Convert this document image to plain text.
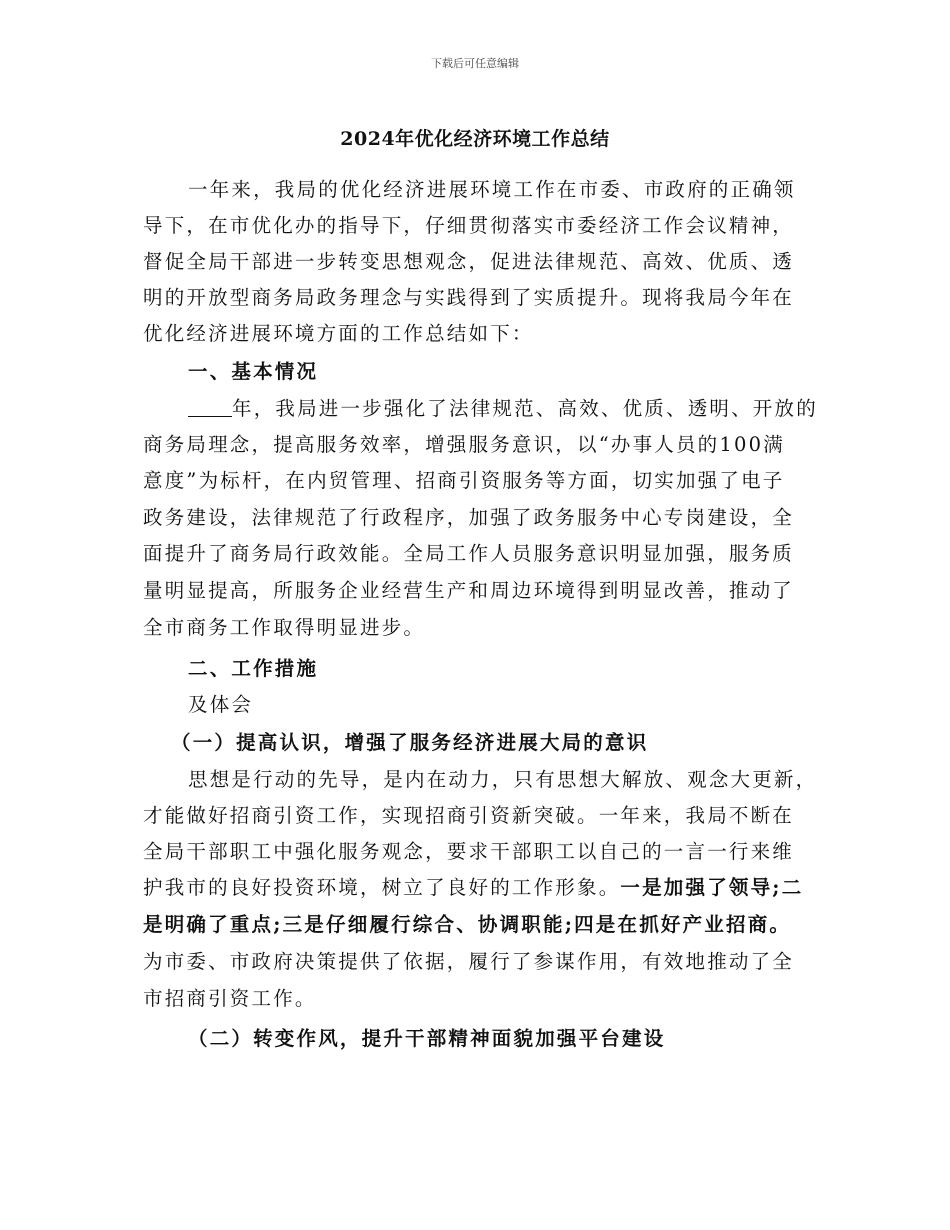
下载后可任意编辑
2024年优化经济环境工作总结
一年来，我局的优化经济进展环境工作在市委、市政府的正确领
导下，在市优化办的指导下，仔细贯彻落实市委经济工作会议精神，
督促全局干部进一步转变思想观念，促进法律规范、高效、优质、透
明的开放型商务局政务理念与实践得到了实质提升。现将我局今年在
优化经济进展环境方面的工作总结如下：
一、基本情况
年，我局进一步强化了法律规范、高效、优质、透明、开放的
商务局理念，提高服务效率，增强服务意识，以“办事人员的100满
意度”为标杆，在内贸管理、招商引资服务等方面，切实加强了电子
政务建设，法律规范了行政程序，加强了政务服务中心专岗建设，全
面提升了商务局行政效能。全局工作人员服务意识明显加强，服务质
量明显提高，所服务企业经营生产和周边环境得到明显改善，推动了
全市商务工作取得明显进步。
二、工作措施
及体会
（一）提高认识，增强了服务经济进展大局的意识
思想是行动的先导，是内在动力，只有思想大解放、观念大更新，
才能做好招商引资工作，实现招商引资新突破。一年来，我局不断在
全局干部职工中强化服务观念，要求干部职工以自己的一言一行来维
护我市的良好投资环境，树立了良好的工作形象。一是加强了领导;二
是明确了重点;三是仔细履行综合、协调职能;四是在抓好产业招商。
为市委、市政府决策提供了依据，履行了参谋作用，有效地推动了全
市招商引资工作。
（二）转变作风，提升干部精神面貌加强平台建设
